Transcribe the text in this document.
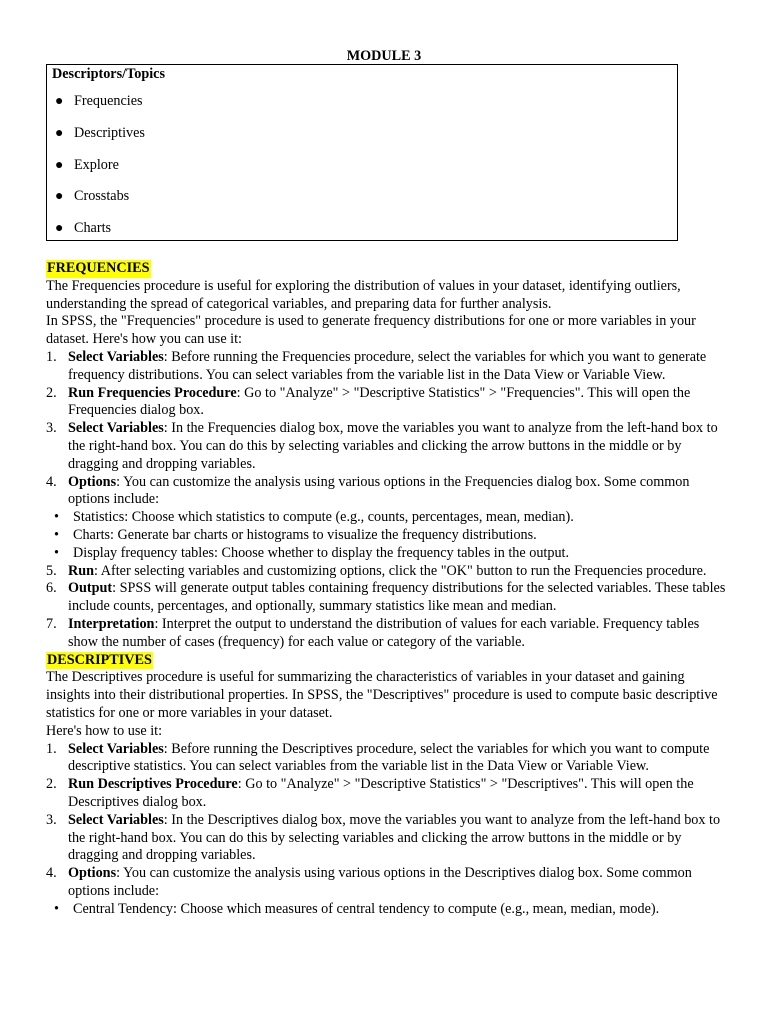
MODULE 3
Descriptors/Topics
● Frequencies
● Descriptives
● Explore
● Crosstabs
● Charts
FREQUENCIES

The Frequencies procedure is useful for exploring the distribution of values in your dataset, identifying outliers, understanding the spread of categorical variables, and preparing data for further analysis.

In SPSS, the "Frequencies" procedure is used to generate frequency distributions for one or more variables in your dataset. Here's how you can use it:

1. Select Variables: Before running the Frequencies procedure, select the variables for which you want to generate frequency distributions. You can select variables from the variable list in the Data View or Variable View.
2. Run Frequencies Procedure: Go to "Analyze" > "Descriptive Statistics" > "Frequencies". This will open the Frequencies dialog box.
3. Select Variables: In the Frequencies dialog box, move the variables you want to analyze from the left-hand box to the right-hand box. You can do this by selecting variables and clicking the arrow buttons in the middle or by dragging and dropping variables.
4. Options: You can customize the analysis using various options in the Frequencies dialog box. Some common options include:
• Statistics: Choose which statistics to compute (e.g., counts, percentages, mean, median).
• Charts: Generate bar charts or histograms to visualize the frequency distributions.
• Display frequency tables: Choose whether to display the frequency tables in the output.
5. Run: After selecting variables and customizing options, click the "OK" button to run the Frequencies procedure.
6. Output: SPSS will generate output tables containing frequency distributions for the selected variables. These tables include counts, percentages, and optionally, summary statistics like mean and median.
7. Interpretation: Interpret the output to understand the distribution of values for each variable. Frequency tables show the number of cases (frequency) for each value or category of the variable.
DESCRIPTIVES

The Descriptives procedure is useful for summarizing the characteristics of variables in your dataset and gaining insights into their distributional properties. In SPSS, the "Descriptives" procedure is used to compute basic descriptive statistics for one or more variables in your dataset.

Here's how to use it:

1. Select Variables: Before running the Descriptives procedure, select the variables for which you want to compute descriptive statistics. You can select variables from the variable list in the Data View or Variable View.
2. Run Descriptives Procedure: Go to "Analyze" > "Descriptive Statistics" > "Descriptives". This will open the Descriptives dialog box.
3. Select Variables: In the Descriptives dialog box, move the variables you want to analyze from the left-hand box to the right-hand box. You can do this by selecting variables and clicking the arrow buttons in the middle or by dragging and dropping variables.
4. Options: You can customize the analysis using various options in the Descriptives dialog box. Some common options include:
• Central Tendency: Choose which measures of central tendency to compute (e.g., mean, median, mode).
